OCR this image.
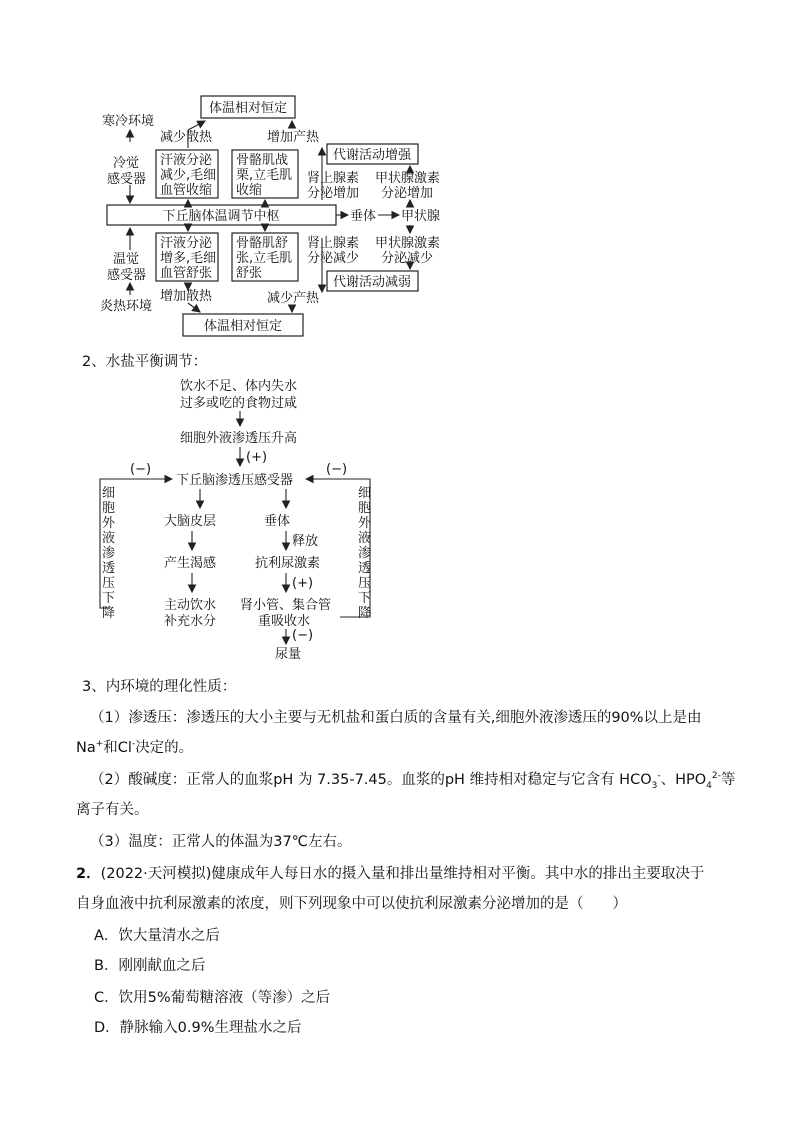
体温相对恒定
寒冷环境
减少散热	增加产热
代谢活动增强
冷觉
感受器
汗液分泌
减少,毛细
血管收缩
骨骼肌战
栗,立毛肌
收缩
肾上腺素
分泌增加
甲状腺激素
分泌增加
下丘脑体温调节中枢	垂体 甲状腺
汗液分泌
增多,毛细
血管舒张
骨骼肌舒
张,立毛肌
舒张
肾上腺素
分泌减少
甲状腺激素
分泌减少
温觉
感受器	代谢活动减弱
增加散热
炎热环境
减少产热
体温相对恒定
2、水盐平衡调节：
饮水不足、体内失水
过多或吃的食物过咸
细胞外液渗透压升高
(+)
下丘脑渗透压感受器
(−)	(−)
大脑皮层	垂体
释放
产生渴感	抗利尿激素
(+)
主动饮水
补充水分
肾小管、集合管
重吸收水
(−)
尿量
细胞外液渗透压下降
细胞外液渗透压下降
3、内环境的理化性质：
（1）渗透压：渗透压的大小主要与无机盐和蛋白质的含量有关,细胞外液渗透压的90%以上是由
Na+和Cl-决定的。
（2）酸碱度：正常人的血浆pH 为 7.35-7.45。血浆的pH 维持相对稳定与它含有 $HCO_3^-$、$HPO_4^{2-}$等
离子有关。
（3）温度：正常人的体温为37℃左右。
2．(2022·天河模拟)健康成年人每日水的摄入量和排出量维持相对平衡。其中水的排出主要取决于
自身血液中抗利尿激素的浓度，则下列现象中可以使抗利尿激素分泌增加的是（　　）
A．饮大量清水之后
B．刚刚献血之后
C．饮用5%葡萄糖溶液（等渗）之后
D．静脉输入0.9%生理盐水之后
